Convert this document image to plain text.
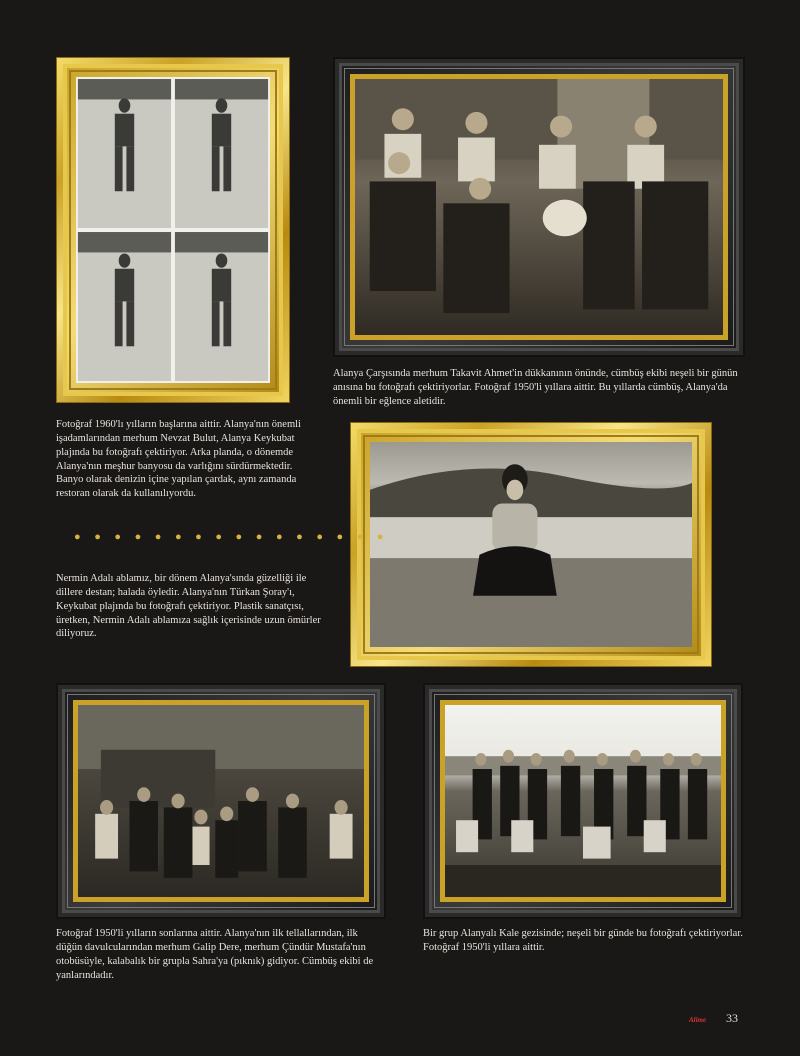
Alanya Çarşısında merhum Takavit Ahmet'in dükkanının önünde, cümbüş ekibi neşeli bir günün anısına bu fotoğrafı çektiriyorlar. Fotoğraf 1950'li yıllara aittir. Bu yıllarda cümbüş, Alanya'da önemli bir eğlence aletidir.
Fotoğraf 1960'lı yılların başlarına aittir. Alanya'nın önemli işadamlarından merhum Nevzat Bulut, Alanya Keykubat plajında bu fotoğrafı çektiriyor. Arka planda, o dönemde Alanya'nın meşhur banyosu da varlığını sürdürmektedir. Banyo olarak denizin içine yapılan çardak, aynı zamanda restoran olarak da kullanılıyordu.
● ● ● ● ● ● ● ● ● ● ● ● ● ● ● ●
Nermin Adalı ablamız, bir dönem Alanya'sında güzelliği ile dillere destan; halada öyledir. Alanya'nın Türkan Şoray'ı, Keykubat plajında bu fotoğrafı çektiriyor. Plastik sanatçısı, üretken, Nermin Adalı ablamıza sağlık içerisinde uzun ömürler diliyoruz.
Fotoğraf 1950'li yılların sonlarına aittir. Alanya'nın ilk tellallarından, ilk düğün davulcularından merhum Galip Dere, merhum Çündür Mustafa'nın otobüsüyle, kalabalık bir grupla Sahra'ya (pıknık) gidiyor. Cümbüş ekibi de yanlarındadır.
Bir grup Alanyalı Kale gezisinde; neşeli bir günde bu fotoğrafı çektiriyorlar. Fotoğraf 1950'li yıllara aittir.
Alime 33
